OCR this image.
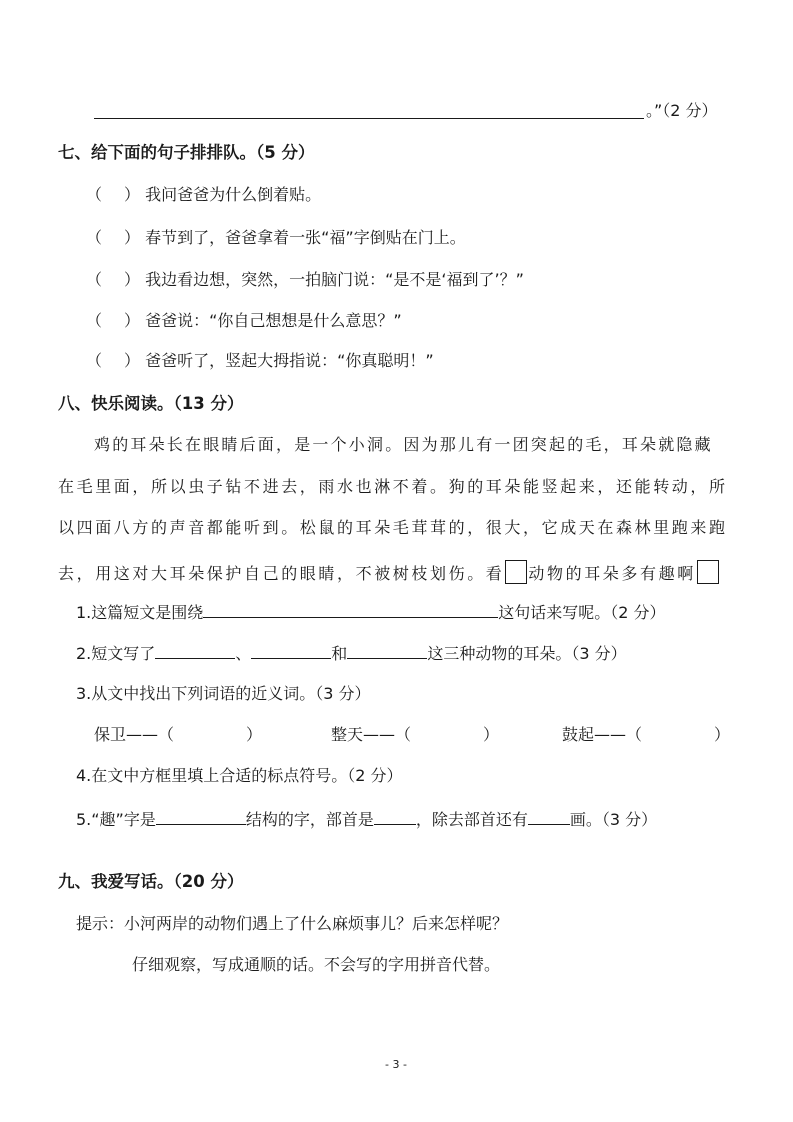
。”（2 分）
七、给下面的句子排排队。（5 分）
（ ） 我问爸爸为什么倒着贴。
（ ） 春节到了，爸爸拿着一张“福”字倒贴在门上。
（ ） 我边看边想，突然，一拍脑门说：“是不是‘福到了’？”
（ ） 爸爸说：“你自己想想是什么意思？”
（ ） 爸爸听了，竖起大拇指说：“你真聪明！”
八、快乐阅读。（13 分）
鸡的耳朵长在眼睛后面，是一个小洞。因为那儿有一团突起的毛，耳朵就隐藏
在毛里面，所以虫子钻不进去，雨水也淋不着。狗的耳朵能竖起来，还能转动，所
以四面八方的声音都能听到。松鼠的耳朵毛茸茸的，很大，它成天在森林里跑来跑
去，用这对大耳朵保护自己的眼睛，不被树枝划伤。看 动物的耳朵多有趣啊
1.这篇短文是围绕	这句话来写呢。（2 分）
2.短文写了	、	和	这三种动物的耳朵。（3 分）
3.从文中找出下列词语的近义词。（3 分）
保卫——（	）	整天——（	）	鼓起——（	）
4.在文中方框里填上合适的标点符号。（2 分）
5.“趣”字是	结构的字，部首是	，除去部首还有	画。（3 分）
九、我爱写话。（20 分）
提示：小河两岸的动物们遇上了什么麻烦事儿？后来怎样呢？
仔细观察，写成通顺的话。不会写的字用拼音代替。
- 3 -
